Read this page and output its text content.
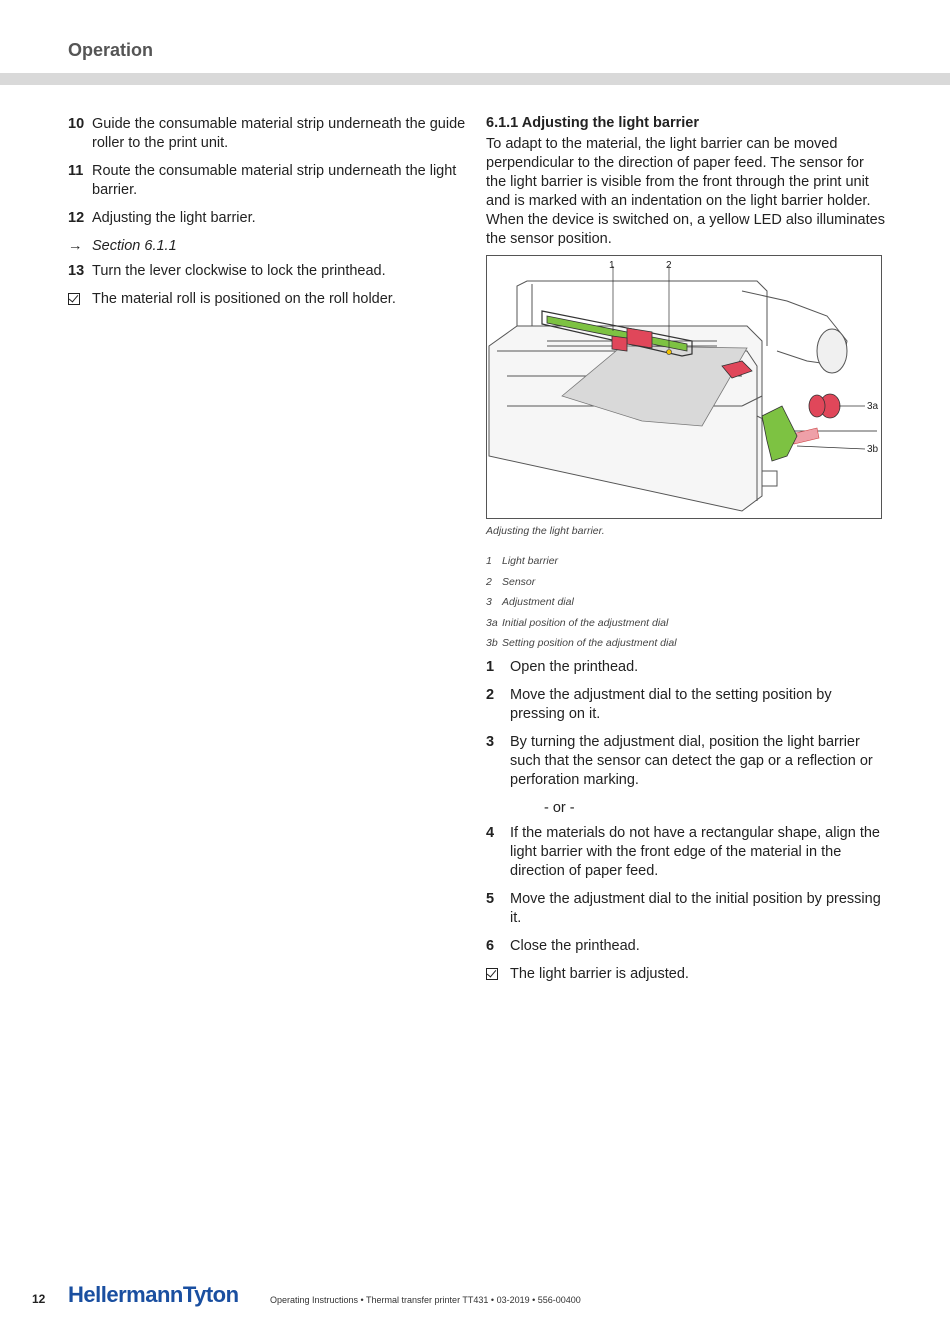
Operation
10 Guide the consumable material strip underneath the guide roller to the print unit.
11 Route the consumable material strip underneath the light barrier.
12 Adjusting the light barrier.
→ Section 6.1.1
13 Turn the lever clockwise to lock the printhead.
The material roll is positioned on the roll holder.
6.1.1 Adjusting the light barrier
To adapt to the material, the light barrier can be moved perpendicular to the direction of paper feed. The sensor for the light barrier is visible from the front through the print unit and is marked with an indentation on the light barrier holder. When the device is switched on, a yellow LED also illuminates the sensor position.
1	2
3a
3b
Adjusting the light barrier.
1 Light barrier
2 Sensor
3 Adjustment dial
3a Initial position of the adjustment dial
3b Setting position of the adjustment dial
1	Open the printhead.
2	Move the adjustment dial to the setting position by pressing on it.
3	By turning the adjustment dial, position the light barrier such that the sensor can detect the gap or a reflection or perforation marking.
- or -
4	If the materials do not have a rectangular shape, align the light barrier with the front edge of the material in the direction of paper feed.
5	Move the adjustment dial to the initial position by pressing it.
6	Close the printhead.
The light barrier is adjusted.
12 HellermannTyton	Operating Instructions • Thermal transfer printer TT431 • 03-2019 • 556-00400
